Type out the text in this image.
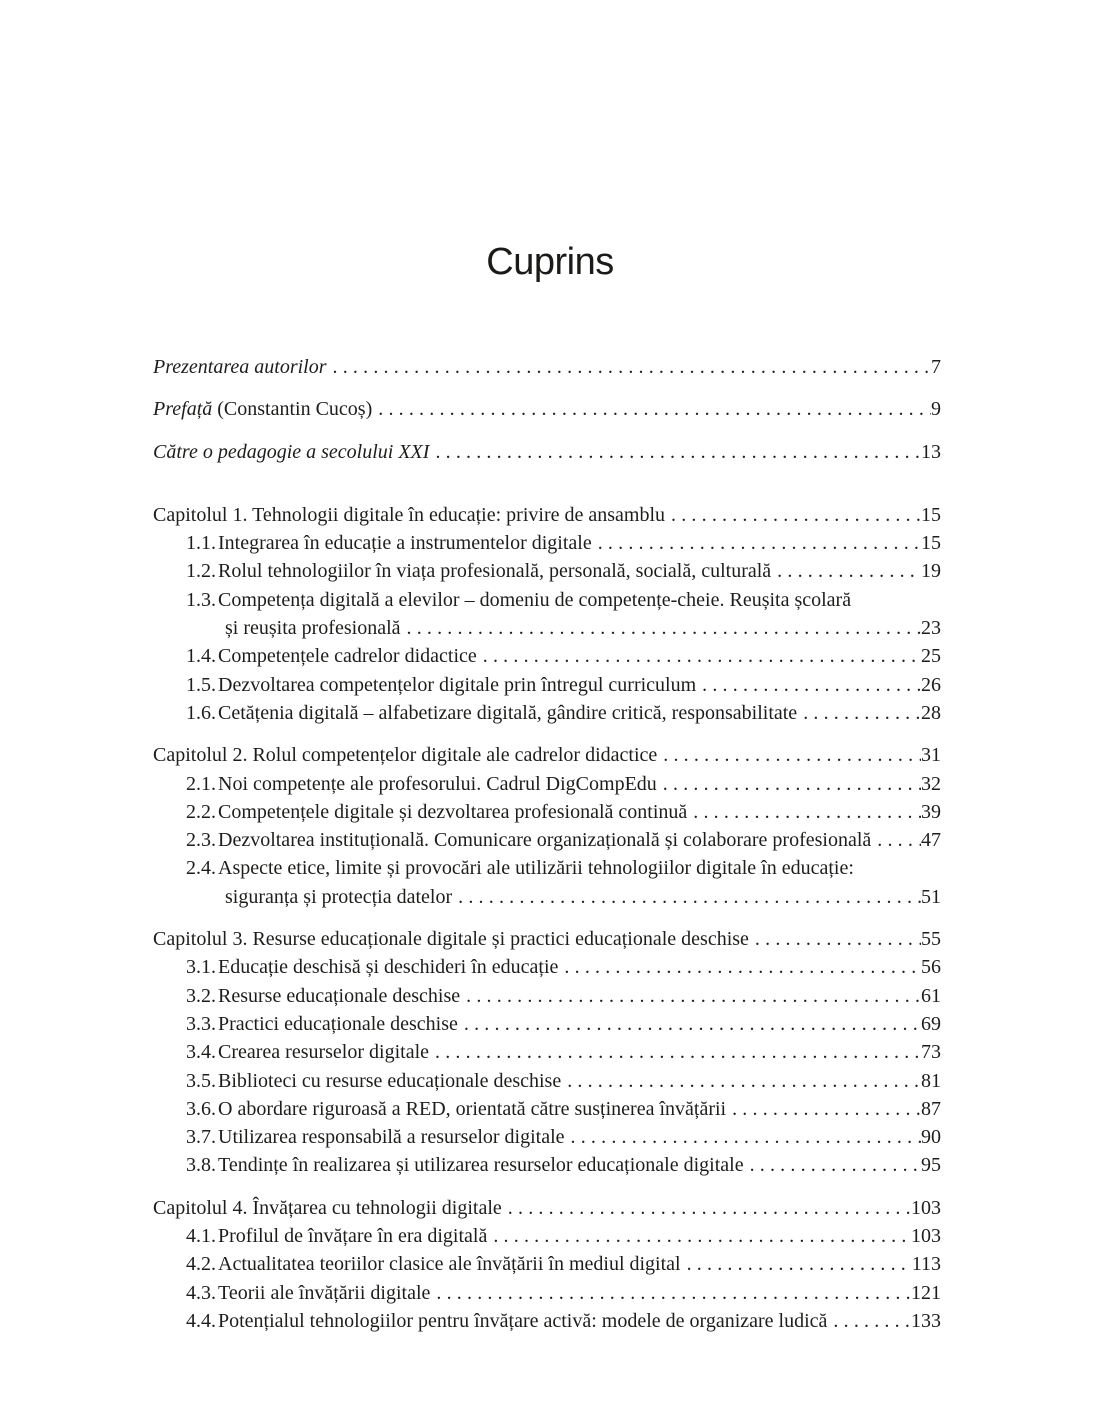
Cuprins
Prezentarea autorilor .....	7
Prefață (Constantin Cucoș) .....	9
Către o pedagogie a secolului XXI .....	13
Capitolul 1. Tehnologii digitale în educație: privire de ansamblu .....	15
1.1. Integrarea în educație a instrumentelor digitale .....	15
1.2. Rolul tehnologiilor în viața profesională, personală, socială, culturală .....	19
1.3. Competența digitală a elevilor – domeniu de competențe-cheie. Reușita școlară
și reușita profesională .....	23
1.4. Competențele cadrelor didactice .....	25
1.5. Dezvoltarea competențelor digitale prin întregul curriculum .....	26
1.6. Cetățenia digitală – alfabetizare digitală, gândire critică, responsabilitate .....	28
Capitolul 2. Rolul competențelor digitale ale cadrelor didactice .....	31
2.1. Noi competențe ale profesorului. Cadrul DigCompEdu .....	32
2.2. Competențele digitale și dezvoltarea profesională continuă .....	39
2.3. Dezvoltarea instituțională. Comunicare organizațională și colaborare profesională ..... 47
2.4. Aspecte etice, limite și provocări ale utilizării tehnologiilor digitale în educație:
siguranța și protecția datelor .....	51
Capitolul 3. Resurse educaționale digitale și practici educaționale deschise .....	55
3.1. Educație deschisă și deschideri în educație .....	56
3.2. Resurse educaționale deschise .....	61
3.3. Practici educaționale deschise .....	69
3.4. Crearea resurselor digitale .....	73
3.5. Biblioteci cu resurse educaționale deschise .....	81
3.6. O abordare riguroasă a RED, orientată către susținerea învățării .....	87
3.7. Utilizarea responsabilă a resurselor digitale .....	90
3.8. Tendințe în realizarea și utilizarea resurselor educaționale digitale .....	95
Capitolul 4. Învățarea cu tehnologii digitale .....	103
4.1. Profilul de învățare în era digitală .....	103
4.2. Actualitatea teoriilor clasice ale învățării în mediul digital .....	113
4.3. Teorii ale învățării digitale .....	121
4.4. Potențialul tehnologiilor pentru învățare activă: modele de organizare ludică .....	133
